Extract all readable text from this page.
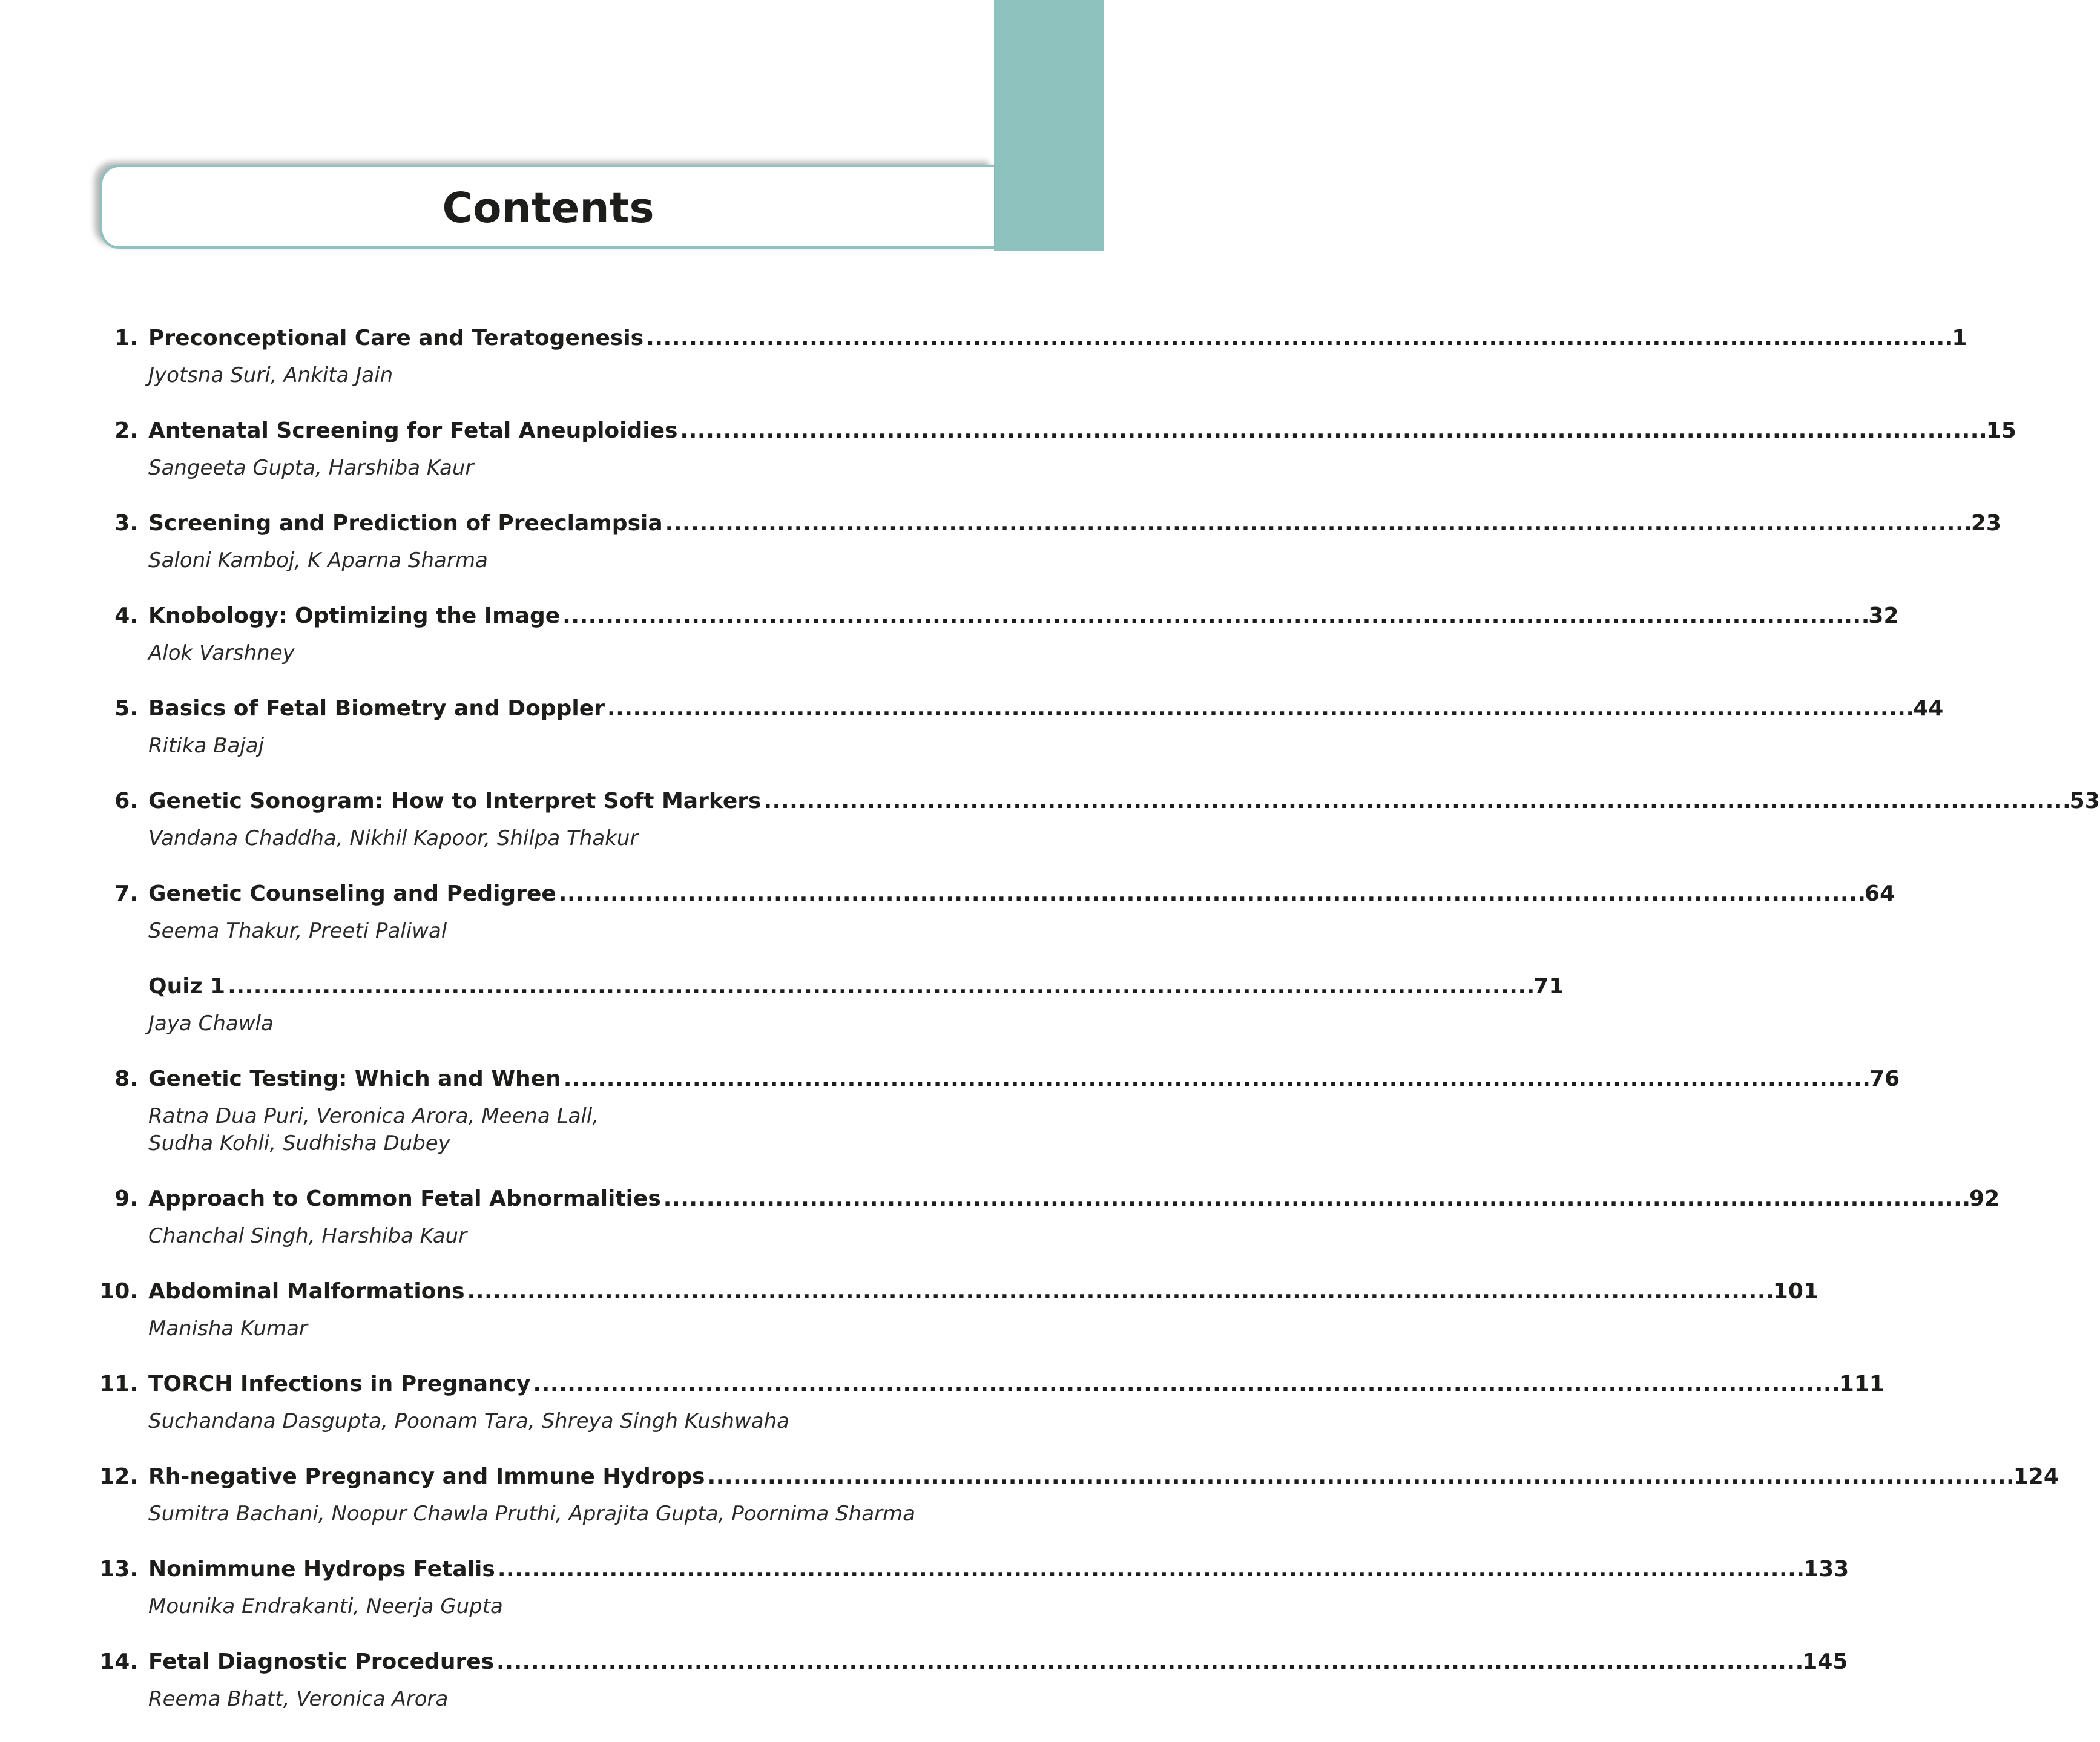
Contents
1. Preconceptional Care and Teratogenesis . . .	1
Jyotsna Suri, Ankita Jain
2. Antenatal Screening for Fetal Aneuploidies . . .	15
Sangeeta Gupta, Harshiba Kaur
3. Screening and Prediction of Preeclampsia . . .	23
Saloni Kamboj, K Aparna Sharma
4. Knobology: Optimizing the Image . . .	32
Alok Varshney
5. Basics of Fetal Biometry and Doppler . . .	44
Ritika Bajaj
6. Genetic Sonogram: How to Interpret Soft Markers . . .	53
Vandana Chaddha, Nikhil Kapoor, Shilpa Thakur
7. Genetic Counseling and Pedigree . . .	64
Seema Thakur, Preeti Paliwal
Quiz 1 . . .	71
Jaya Chawla
8. Genetic Testing: Which and When . . .	76
Ratna Dua Puri, Veronica Arora, Meena Lall,
Sudha Kohli, Sudhisha Dubey
9. Approach to Common Fetal Abnormalities . . .	92
Chanchal Singh, Harshiba Kaur
10. Abdominal Malformations . . .	101
Manisha Kumar
11. TORCH Infections in Pregnancy . . .	111
Suchandana Dasgupta, Poonam Tara, Shreya Singh Kushwaha
12. Rh-negative Pregnancy and Immune Hydrops . . .	124
Sumitra Bachani, Noopur Chawla Pruthi, Aprajita Gupta, Poornima Sharma
13. Nonimmune Hydrops Fetalis . . .	133
Mounika Endrakanti, Neerja Gupta
14. Fetal Diagnostic Procedures . . .	145
Reema Bhatt, Veronica Arora
